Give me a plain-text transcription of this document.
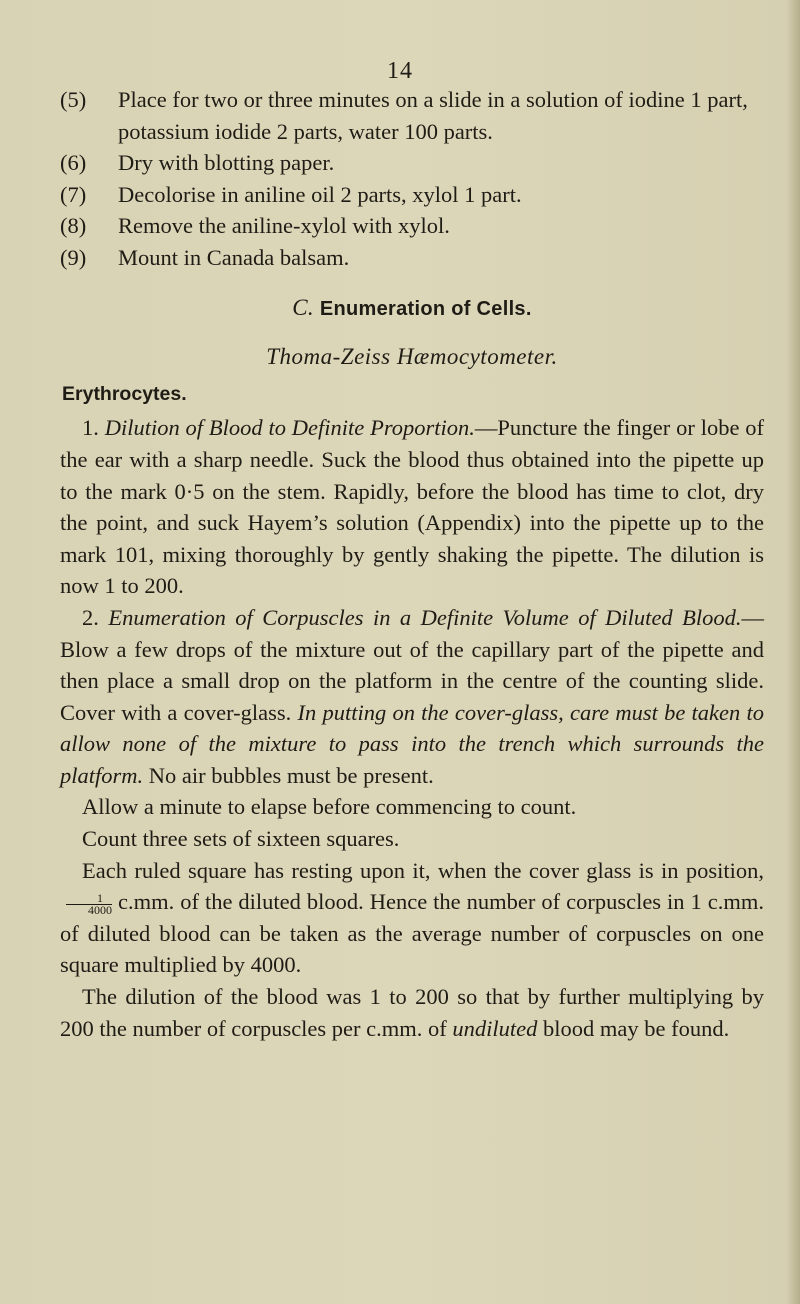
14
(5)	Place for two or three minutes on a slide in a solution of iodine 1 part, potassium iodide 2 parts, water 100 parts.
(6)	Dry with blotting paper.
(7)	Decolorise in aniline oil 2 parts, xylol 1 part.
(8)	Remove the aniline-xylol with xylol.
(9)	Mount in Canada balsam.
C. Enumeration of Cells.
Thoma-Zeiss Hæmocytometer.
Erythrocytes.
1. Dilution of Blood to Definite Proportion.—Puncture the finger or lobe of the ear with a sharp needle. Suck the blood thus obtained into the pipette up to the mark 0·5 on the stem. Rapidly, before the blood has time to clot, dry the point, and suck Hayem’s solution (Appendix) into the pipette up to the mark 101, mixing thoroughly by gently shaking the pipette. The dilution is now 1 to 200.
2. Enumeration of Corpuscles in a Definite Volume of Diluted Blood.—Blow a few drops of the mixture out of the capillary part of the pipette and then place a small drop on the platform in the centre of the counting slide. Cover with a cover-glass. In putting on the cover-glass, care must be taken to allow none of the mixture to pass into the trench which surrounds the platform. No air bubbles must be present.
Allow a minute to elapse before commencing to count.
Count three sets of sixteen squares.
Each ruled square has resting upon it, when the cover glass is in position,
$\frac{1}{4000} c.mm$. of the diluted blood. Hence the number of corpuscles in 1 c.mm. of diluted blood can be taken as the average number of corpuscles on one square multiplied by 4000.
The dilution of the blood was 1 to 200 so that by further multiplying by 200 the number of corpuscles per c.mm. of undiluted blood may be found.
